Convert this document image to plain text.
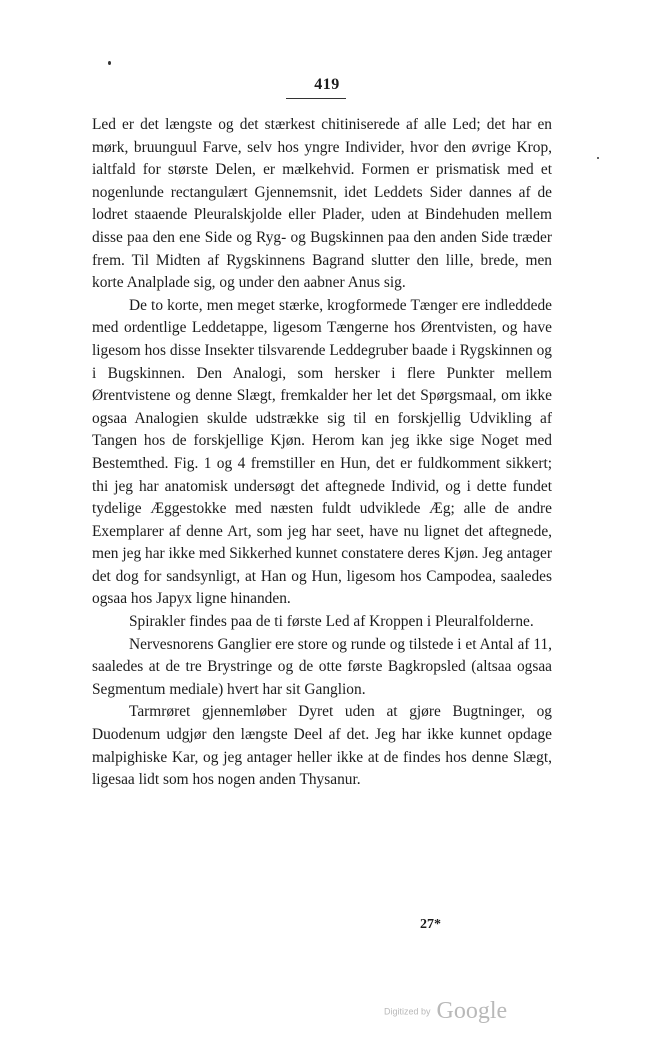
419

Led er det længste og det stærkest chitiniserede af alle Led; det har en mørk, bruunguul Farve, selv hos yngre Individer, hvor den øvrige Krop, ialtfald for største Delen, er mælkehvid. Formen er prismatisk med et nogenlunde rectangulært Gjennemsnit, idet Leddets Sider dannes af de lodret staaende Pleuralskjolde eller Plader, uden at Bindehuden mellem disse paa den ene Side og Ryg- og Bugskinnen paa den anden Side træder frem. Til Midten af Rygskinnens Bagrand slutter den lille, brede, men korte Analplade sig, og under den aabner Anus sig.

De to korte, men meget stærke, krogformede Tænger ere indleddede med ordentlige Leddetappe, ligesom Tængerne hos Ørentvisten, og have ligesom hos disse Insekter tilsvarende Leddegruber baade i Rygskinnen og i Bugskinnen. Den Analogi, som hersker i flere Punkter mellem Ørentvistene og denne Slægt, fremkalder her let det Spørgsmaal, om ikke ogsaa Analogien skulde udstrække sig til en forskjellig Udvikling af Tangen hos de forskjellige Kjøn. Herom kan jeg ikke sige Noget med Bestemthed. Fig. 1 og 4 fremstiller en Hun, det er fuldkomment sikkert; thi jeg har anatomisk undersøgt det aftegnede Individ, og i dette fundet tydelige Æggestokke med næsten fuldt udviklede Æg; alle de andre Exemplarer af denne Art, som jeg har seet, have nu lignet det aftegnede, men jeg har ikke med Sikkerhed kunnet constatere deres Kjøn. Jeg antager det dog for sandsynligt, at Han og Hun, ligesom hos Campodea, saaledes ogsaa hos Japyx ligne hinanden.

Spirakler findes paa de ti første Led af Kroppen i Pleuralfolderne.

Nervesnorens Ganglier ere store og runde og tilstede i et Antal af 11, saaledes at de tre Brystringe og de otte første Bagkropsled (altsaa ogsaa Segmentum mediale) hvert har sit Ganglion.

Tarmrøret gjennemløber Dyret uden at gjøre Bugtninger, og Duodenum udgjør den længste Deel af det. Jeg har ikke kunnet opdage malpighiske Kar, og jeg antager heller ikke at de findes hos denne Slægt, ligesaa lidt som hos nogen anden Thysanur.

27*
Digitized by Google
